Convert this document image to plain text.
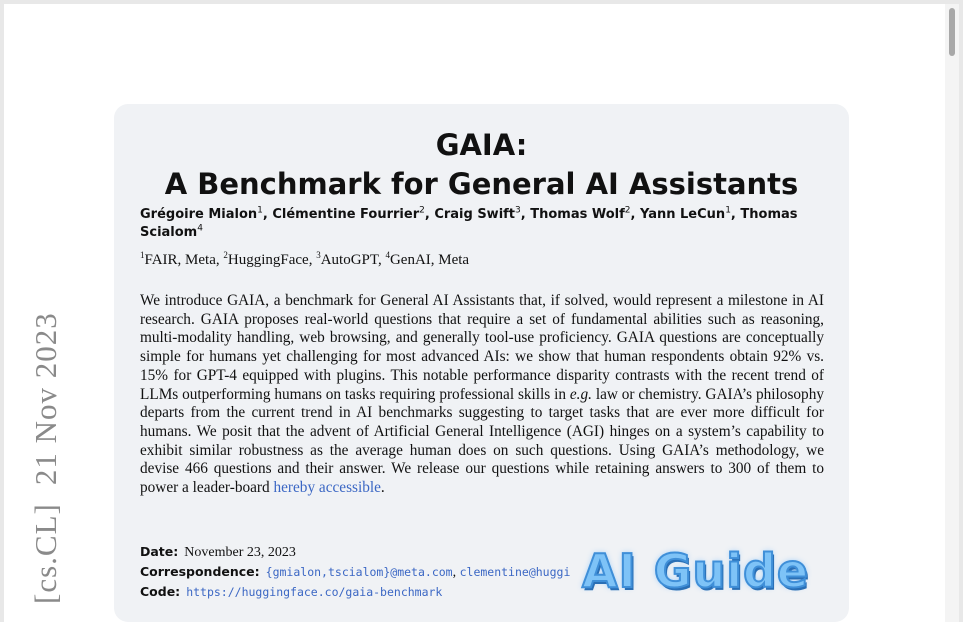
[cs.CL]21 Nov 2023
GAIA:
A Benchmark for General AI Assistants
Grégoire Mialon$^1$, Clémentine Fourrier$^2$, Craig Swift$^3$, Thomas Wolf$^2$, Yann LeCun$^1$, Thomas Scialom$^4$
$^1$FAIR, Meta, $^2$HuggingFace, $^3$AutoGPT, $^4$GenAI, Meta
We introduce GAIA, a benchmark for General AI Assistants that, if solved, would represent a milestone in AI research. GAIA proposes real-world questions that require a set of fundamental abilities such as reasoning, multi-modality handling, web browsing, and generally tool-use proficiency. GAIA questions are conceptually simple for humans yet challenging for most advanced AIs: we show that human respondents obtain 92% vs. 15% for GPT-4 equipped with plugins. This notable performance disparity contrasts with the recent trend of LLMs outperforming humans on tasks requiring professional skills in e.g. law or chemistry. GAIA’s philosophy departs from the current trend in AI benchmarks suggesting to target tasks that are ever more difficult for humans. We posit that the advent of Artificial General Intelligence (AGI) hinges on a system’s capability to exhibit similar robustness as the average human does on such questions. Using GAIA’s methodology, we devise 466 questions and their answer. We release our questions while retaining answers to 300 of them to power a leader-board hereby accessible.
Date: November 23, 2023
Correspondence: {gmialon,tscialom}@meta.com, clementine@huggi
Code: https://huggingface.co/gaia-benchmark	AI Guide
